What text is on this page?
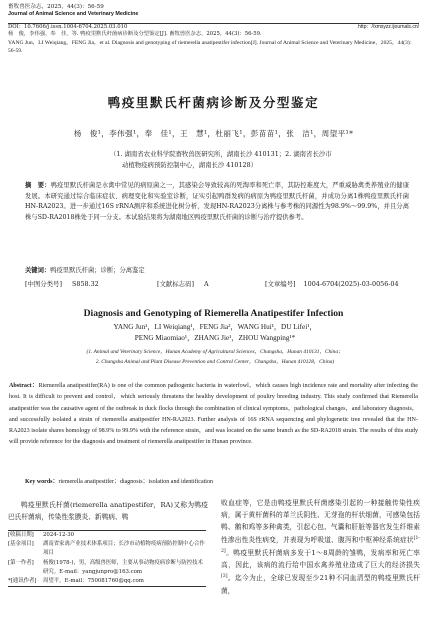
畜牧兽医杂志，2025，44(3)：56-59
Journal of Animal Science and Veterinary Medicine
DOI：10.7606/j.issn.1004-6704.2025.03.010	http：//xmsyzz.ijournals.cn/
杨　俊，李伟强，奉　佳，等. 鸭疫里默氏杆菌病诊断及分型鉴定[J]. 畜牧兽医杂志，2025，44(3)：56-59.
YANG Jun，LI Weiqiang，FENG Jia，et al. Diagnosis and genotyping of riemerella anatipestifer infection[J]. Journal of Animal Science and Veterinary Medicine，2025，44(3)：56-59.
鸭疫里默氏杆菌病诊断及分型鉴定
杨　俊¹，李伟强¹，奉　佳¹，王　慧¹，杜丽飞¹，彭苗苗¹，张　洁¹，周望平¹*
（1. 湖南省农业科学院畜牧兽医研究所，湖南长沙 410131；2. 湖南省长沙市
动植物疫病预防控制中心，湖南长沙 410128）
摘　要：鸭疫里默氏杆菌是水禽中常见的病原菌之一，其感染会导致较高的死淘率和死亡率，其防控难度大，严重威胁禽类养殖业的健康发展。本研究通过综合临床症状、病理变化和实验室诊断，证实引起鸭群发病的病原为鸭疫里默氏杆菌，并成功分离1株鸭疫里默氏杆菌 HN-RA2023。进一步通过16S rRNA测序和系统进化树分析，发现HN-RA2023分离株与参考株的同源性为98.9%～99.9%，并且分离株与SD-RA2018株处于同一分支。本试验结果将为湖南地区鸭疫里默氏杆菌的诊断与治疗提供参考。
关键词：鸭疫里默氏杆菌；诊断；分离鉴定
[中图分类号] S858.32	[文献标志码] A	[文章编号] 1004-6704(2025)-03-0056-04
Diagnosis and Genotyping of Riemerella Anatipestifer Infection
YANG Jun¹，LI Weiqiang¹，FENG Jia²，WANG Hui¹，DU Lifei¹，
PENG Miaomiao¹，ZHANG Jie¹，ZHOU Wangping¹*
(1. Animal and Veterinary Science，Hunan Academy of Agricultural Sciences，Changsha，Hunan 410131，China；
2. Changsha Animal and Plant Disease Prevention and Control Center，Changsha，Hunan 410128，China)
Abstract：Riemerella anatipestifer(RA) is one of the common pathogenic bacteria in waterfowl，which causes high incidence rate and mortality after infecting the host. It is difficult to prevent and control，which seriously threatens the healthy development of poultry breeding industry. This study confirmed that Riemerella anatipestifer was the causative agent of the outbreak in duck flocks through the combination of clinical symptoms，pathological changes，and laboratory diagnosis，and successfully isolated a strain of riemerella anatipestifer HN-RA2023. Further analysis of 16S rRNA sequencing and phylogenetic tree revealed that the HN-RA2023 isolate shares homology of 98.9% to 99.9% with the reference strain，and was located on the same branch as the SD-RA2018 strain. The results of this study will provide reference for the diagnosis and treatment of riemerella anatipestifer in Hunan province.
Key words：riemerella anatipestifer；diagnosis；isolation and identification
鸭疫里默氏杆菌(riemerella anatipestifer，RA)又称为鸭疫巴氏杆菌病，传染性浆膜炎、新鸭病、鸭
败血症等，它是由鸭疫里默氏杆菌感染引起的一种接触传染性疾病，属于黄杆菌科的革兰氏阴性、无芽孢的杆状细菌，可感染包括鸭、鹅和鸡等多种禽类，引起心包、气囊和肝脏等器官发生纤维素性渗出性炎性病变，并表现为呼吸道、腹泻和中枢神经系统症状[1-2]。鸭疫里默氏杆菌病多发于1～8周龄的雏鸭，发病率和死亡率高，因此，该病的流行给中国水禽养殖业造成了巨大的经济损失[3]。迄今为止，全球已发现至少21种不同血清型的鸭疫里默氏杆菌，
[收稿日期]	2024-12-30
[基金项目]	湖南省家禽产业技术体系项目；长沙市动植物疫病预防控制中心合作项目
[第一作者]	杨俊(1978-)，男，高级兽医师，主要从事动物疫病诊断与防控技术研究。E-mail：yangjunpro@163.com
*[通讯作者]	周望平，E-mail：750081760@qq.com
